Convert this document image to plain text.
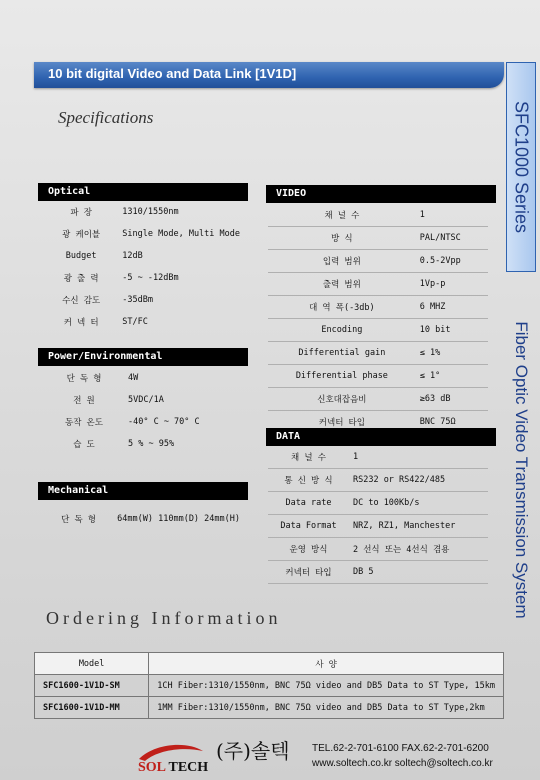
10 bit digital Video and Data Link [1V1D]
SFC1000 Series
Fiber Optic Video Transmission System
Specifications
Optical
파 장	1310/1550nm
광 케이블	Single Mode, Multi Mode
Budget	12dB
광 출 력	-5 ~ -12dBm
수신 감도	-35dBm
커 넥 터	ST/FC
Power/Environmental
단 독 형	4W
전 원	5VDC/1A
동작 온도	-40° C ~ 70° C
습 도	5 % ~ 95%
Mechanical
단 독 형	64mm(W) 110mm(D) 24mm(H)
VIDEO
채 널 수	1
방 식	PAL/NTSC
입력 범위	0.5-2Vpp
출력 범위	1Vp-p
대 역 폭(-3db)	6 MHZ
Encoding	10 bit
Differential gain	≤ 1%
Differential phase	≤ 1°
신호대잡음비	≥63 dB
커넥터 타입	BNC 75Ω
DATA
채 널 수	1
통 신 방 식	RS232 or RS422/485
Data rate	DC to 100Kb/s
Data Format	NRZ, RZ1, Manchester
운영 방식	2 선식 또는 4선식 겸용
커넥터 타입	DB 5
Ordering Information
Model	사 양
SFC1600-1V1D-SM	1CH Fiber:1310/1550nm, BNC 75Ω video and DB5 Data to ST Type, 15km
SFC1600-1V1D-MM	1MM Fiber:1310/1550nm, BNC 75Ω video and DB5 Data to ST Type,2km
SOL TECH
(주)솔텍 TEL.62-2-701-6100 FAX.62-2-701-6200
www.soltech.co.kr soltech@soltech.co.kr
